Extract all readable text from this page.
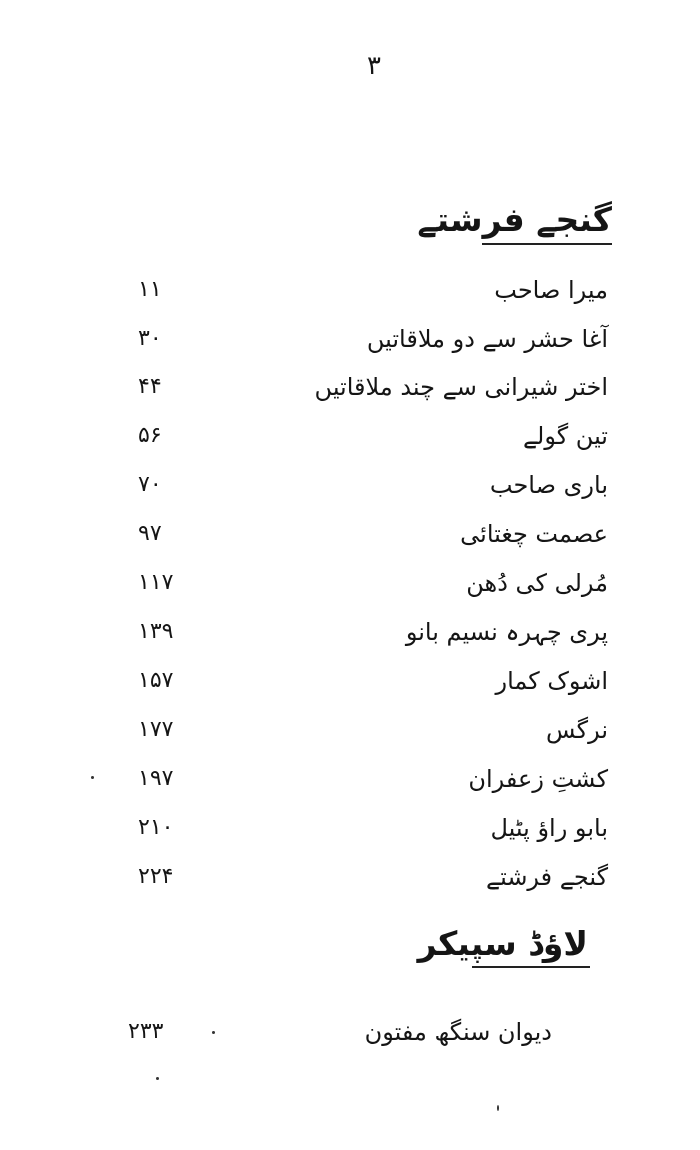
۳
گنجے فرشتے
میرا صاحب
۱۱
آغا حشر سے دو ملاقاتیں
۳۰
اختر شیرانی سے چند ملاقاتیں
۴۴
تین گولے
۵۶
باری صاحب
۷۰
عصمت چغتائی
۹۷
مُرلی کی دُھن
۱۱۷
پری چہرہ نسیم بانو
۱۳۹
اشوک کمار
۱۵۷
نرگس
۱۷۷
کشتِ زعفران
۱۹۷
بابو راؤ پٹیل
۲۱۰
گنجے فرشتے
۲۲۴
لاؤڈ سپیکر
دیوان سنگھ مفتون
۲۳۳
